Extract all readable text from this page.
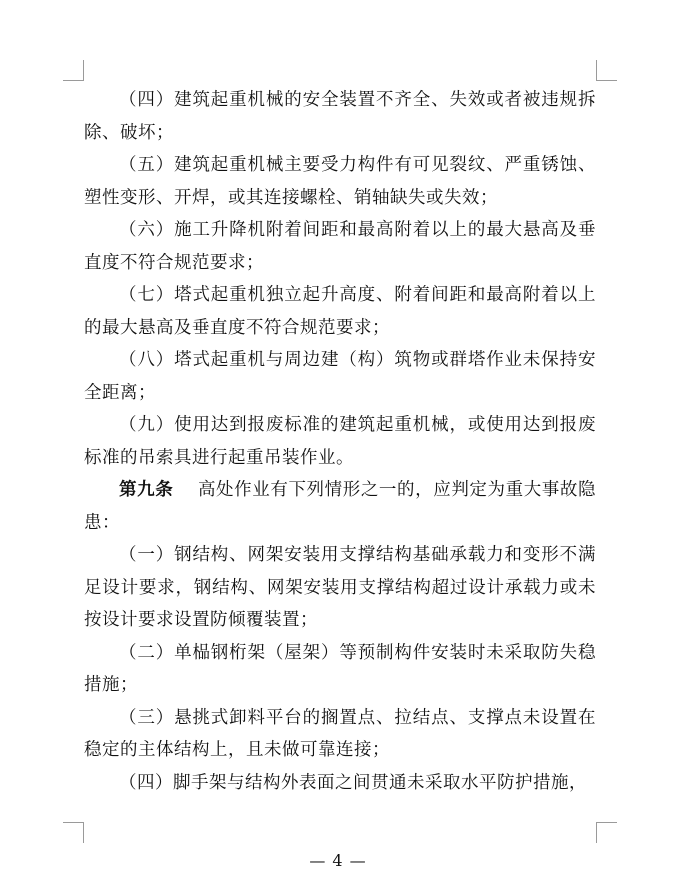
（四）建筑起重机械的安全装置不齐全、失效或者被违规拆除、破坏；

（五）建筑起重机械主要受力构件有可见裂纹、严重锈蚀、塑性变形、开焊，或其连接螺栓、销轴缺失或失效；

（六）施工升降机附着间距和最高附着以上的最大悬高及垂直度不符合规范要求；

（七）塔式起重机独立起升高度、附着间距和最高附着以上的最大悬高及垂直度不符合规范要求；

（八）塔式起重机与周边建（构）筑物或群塔作业未保持安全距离；

（九）使用达到报废标准的建筑起重机械，或使用达到报废标准的吊索具进行起重吊装作业。

第九条 高处作业有下列情形之一的，应判定为重大事故隐患：

（一）钢结构、网架安装用支撑结构基础承载力和变形不满足设计要求，钢结构、网架安装用支撑结构超过设计承载力或未按设计要求设置防倾覆装置；

（二）单榀钢桁架（屋架）等预制构件安装时未采取防失稳措施；

（三）悬挑式卸料平台的搁置点、拉结点、支撑点未设置在稳定的主体结构上，且未做可靠连接；

（四）脚手架与结构外表面之间贯通未采取水平防护措施，

— 4 —
